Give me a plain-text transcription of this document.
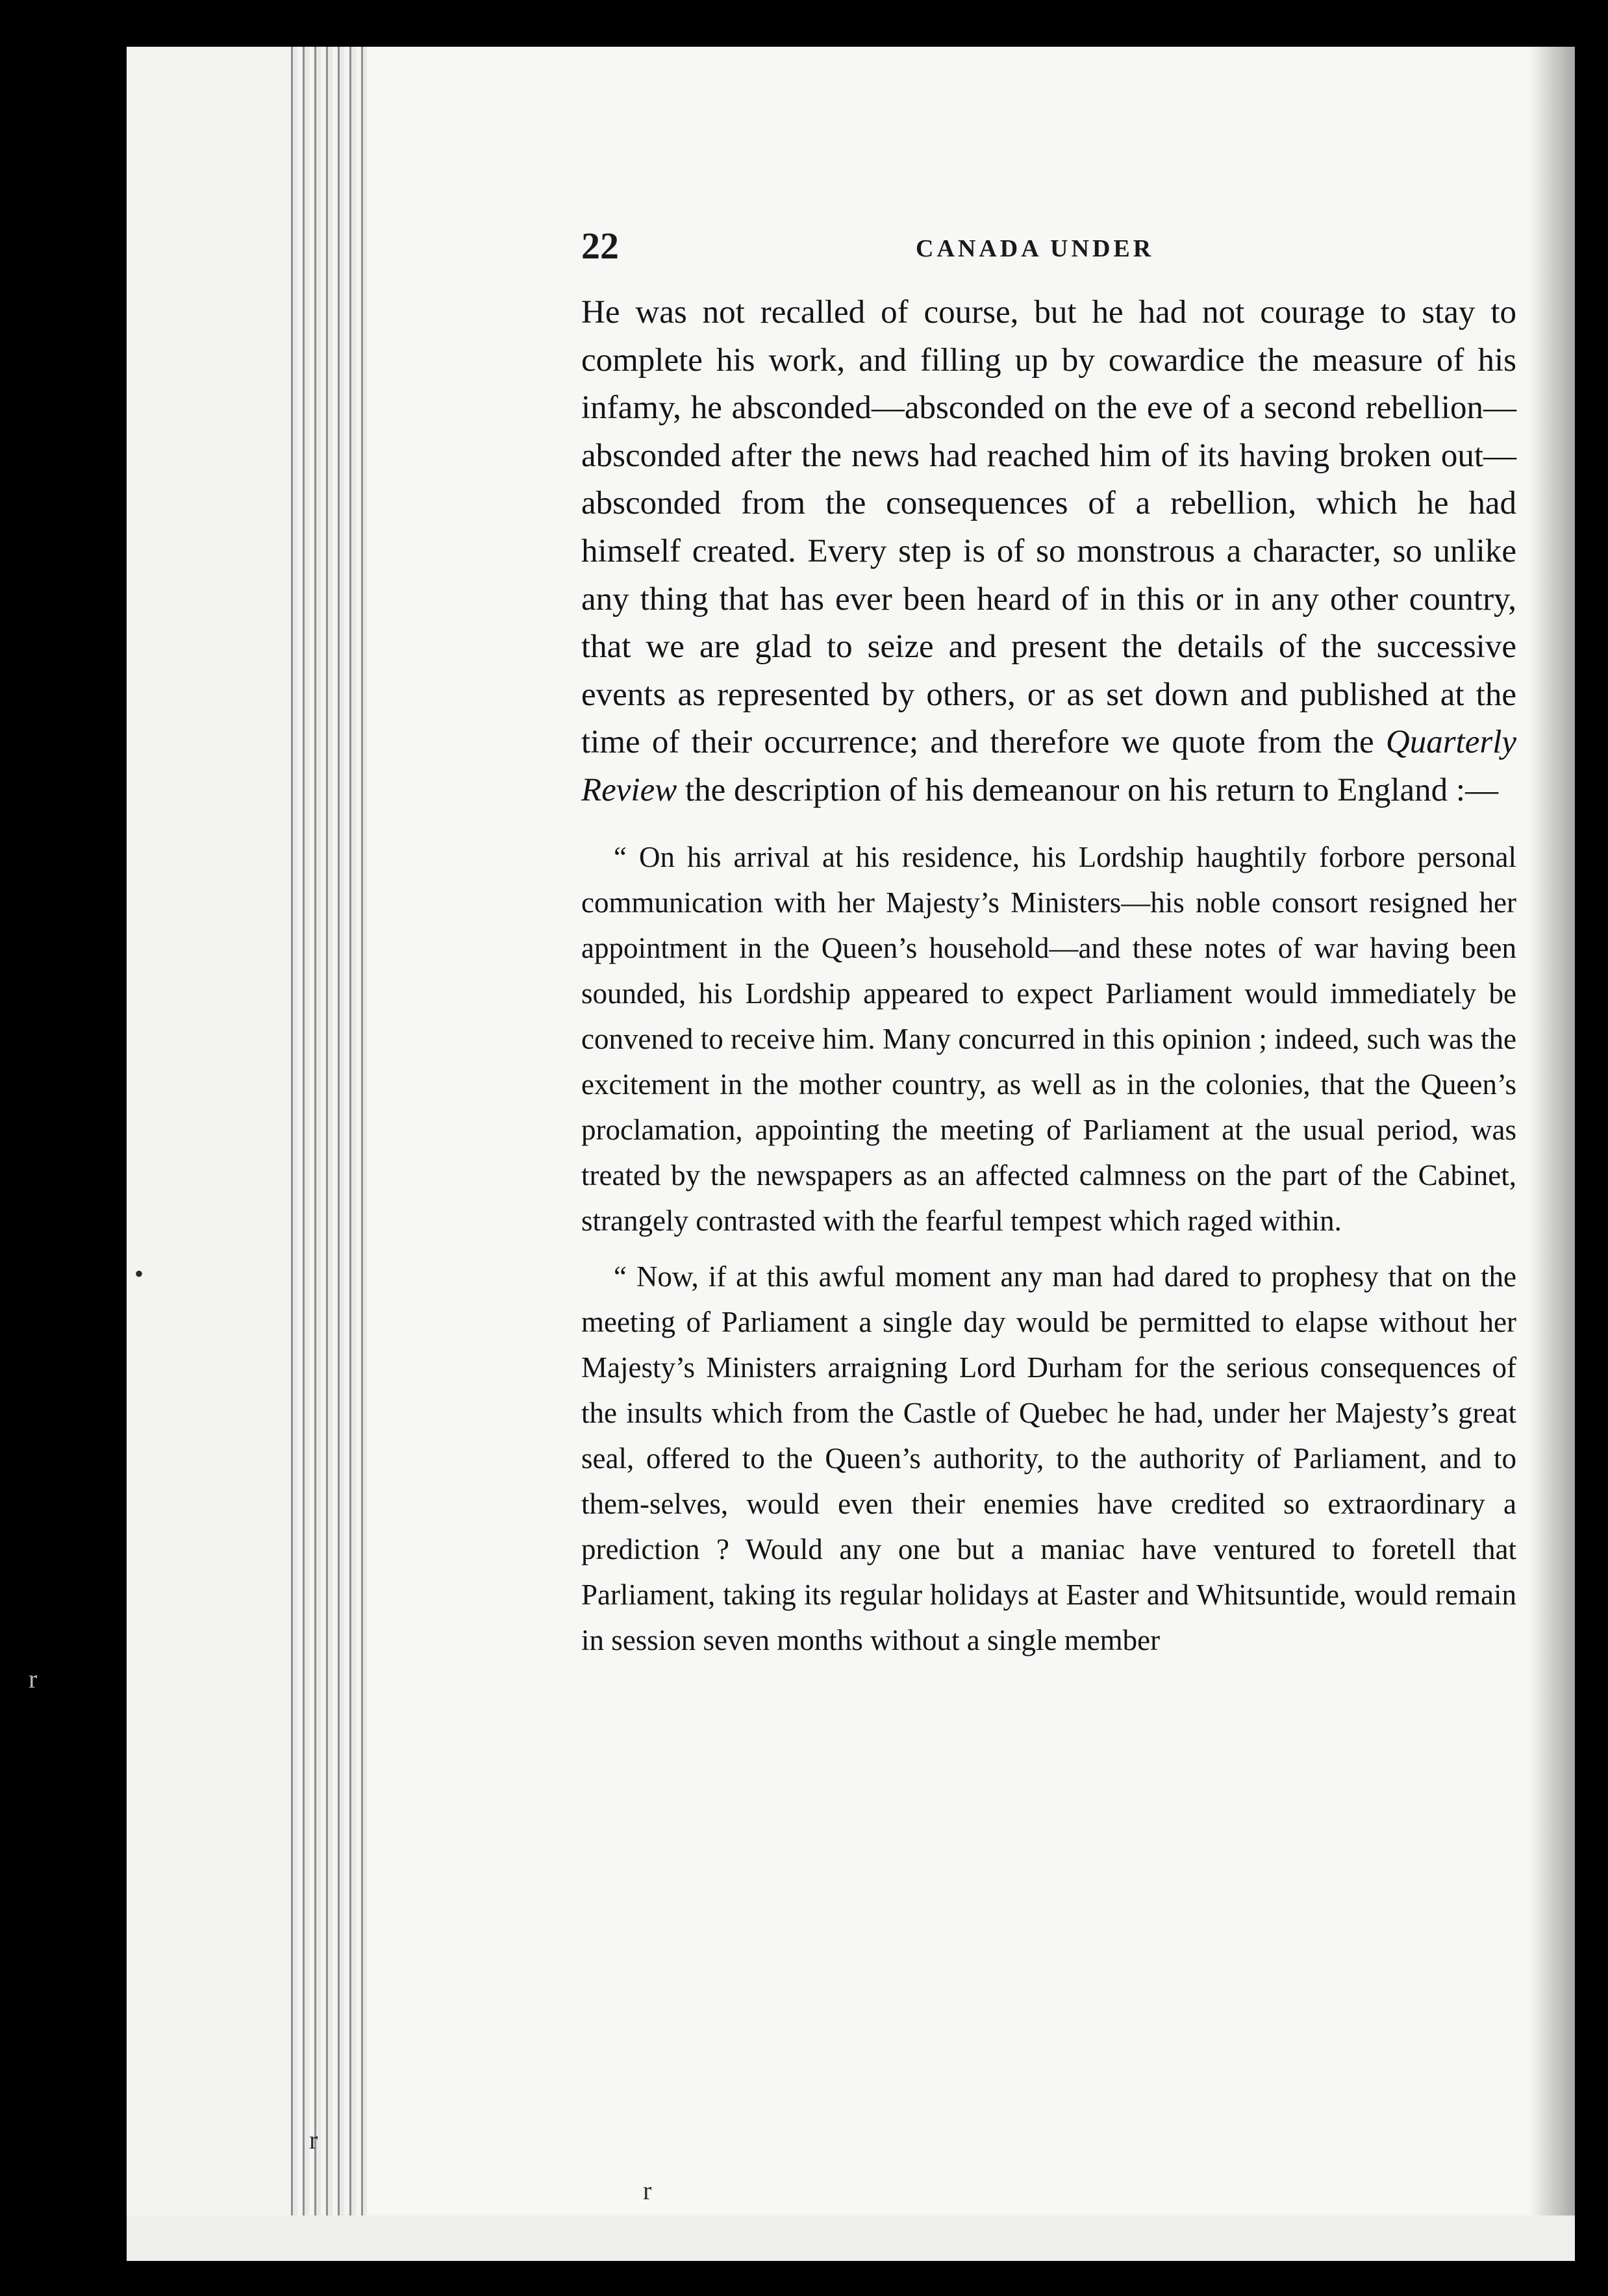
•
r
r
r
22	CANADA UNDER

He was not recalled of course, but he had not courage to stay to complete his work, and filling up by cowardice the measure of his infamy, he absconded—absconded on the eve of a second rebellion—absconded after the news had reached him of its having broken out—absconded from the consequences of a rebellion, which he had himself created. Every step is of so monstrous a character, so unlike any thing that has ever been heard of in this or in any other country, that we are glad to seize and present the details of the successive events as represented by others, or as set down and published at the time of their occurrence; and therefore we quote from the Quarterly Review the description of his demeanour on his return to England :—

“ On his arrival at his residence, his Lordship haughtily forbore personal communication with her Majesty’s Ministers—his noble consort resigned her appointment in the Queen’s household—and these notes of war having been sounded, his Lordship appeared to expect Parliament would immediately be convened to receive him. Many concurred in this opinion ; indeed, such was the excitement in the mother country, as well as in the colonies, that the Queen’s proclamation, appointing the meeting of Parliament at the usual period, was treated by the newspapers as an affected calmness on the part of the Cabinet, strangely contrasted with the fearful tempest which raged within.

“ Now, if at this awful moment any man had dared to prophesy that on the meeting of Parliament a single day would be permitted to elapse without her Majesty’s Ministers arraigning Lord Durham for the serious consequences of the insults which from the Castle of Quebec he had, under her Majesty’s great seal, offered to the Queen’s authority, to the authority of Parliament, and to them-selves, would even their enemies have credited so extraordinary a prediction ? Would any one but a maniac have ventured to foretell that Parliament, taking its regular holidays at Easter and Whitsuntide, would remain in session seven months without a single member
